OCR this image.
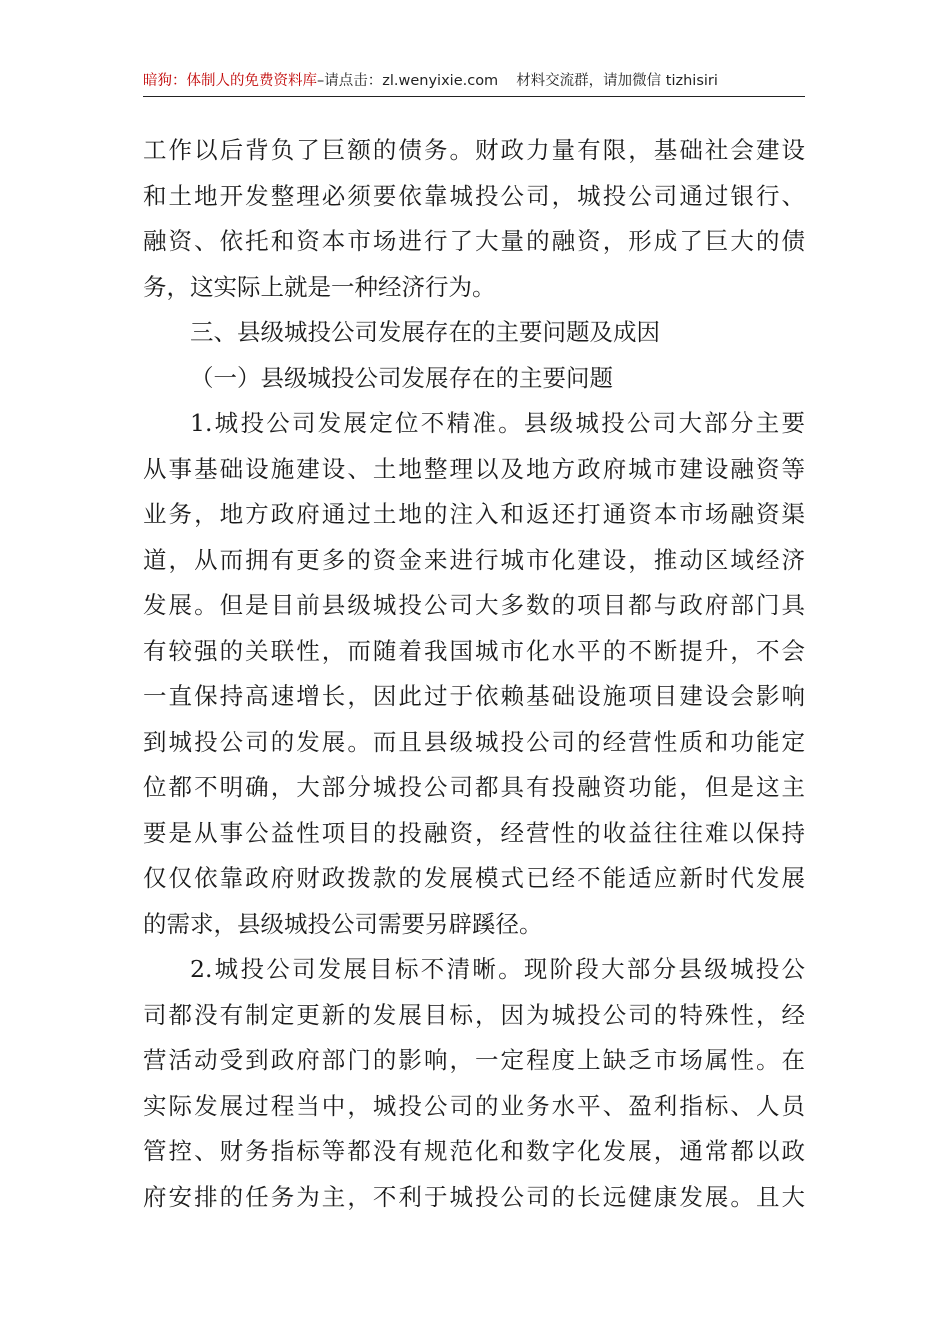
暗狗：体制人的免费资料库–请点击：zl.wenyixie.com 材料交流群，请加微信 tizhisiri
工作以后背负了巨额的债务。财政力量有限，基础社会建设
和土地开发整理必须要依靠城投公司，城投公司通过银行、
融资、依托和资本市场进行了大量的融资，形成了巨大的债
务，这实际上就是一种经济行为。
三、县级城投公司发展存在的主要问题及成因
（一）县级城投公司发展存在的主要问题
1.城投公司发展定位不精准。县级城投公司大部分主要
从事基础设施建设、土地整理以及地方政府城市建设融资等
业务，地方政府通过土地的注入和返还打通资本市场融资渠
道，从而拥有更多的资金来进行城市化建设，推动区域经济
发展。但是目前县级城投公司大多数的项目都与政府部门具
有较强的关联性，而随着我国城市化水平的不断提升，不会
一直保持高速增长，因此过于依赖基础设施项目建设会影响
到城投公司的发展。而且县级城投公司的经营性质和功能定
位都不明确，大部分城投公司都具有投融资功能，但是这主
要是从事公益性项目的投融资，经营性的收益往往难以保持
仅仅依靠政府财政拨款的发展模式已经不能适应新时代发展
的需求，县级城投公司需要另辟蹊径。
2.城投公司发展目标不清晰。现阶段大部分县级城投公
司都没有制定更新的发展目标，因为城投公司的特殊性，经
营活动受到政府部门的影响，一定程度上缺乏市场属性。在
实际发展过程当中，城投公司的业务水平、盈利指标、人员
管控、财务指标等都没有规范化和数字化发展，通常都以政
府安排的任务为主，不利于城投公司的长远健康发展。且大
